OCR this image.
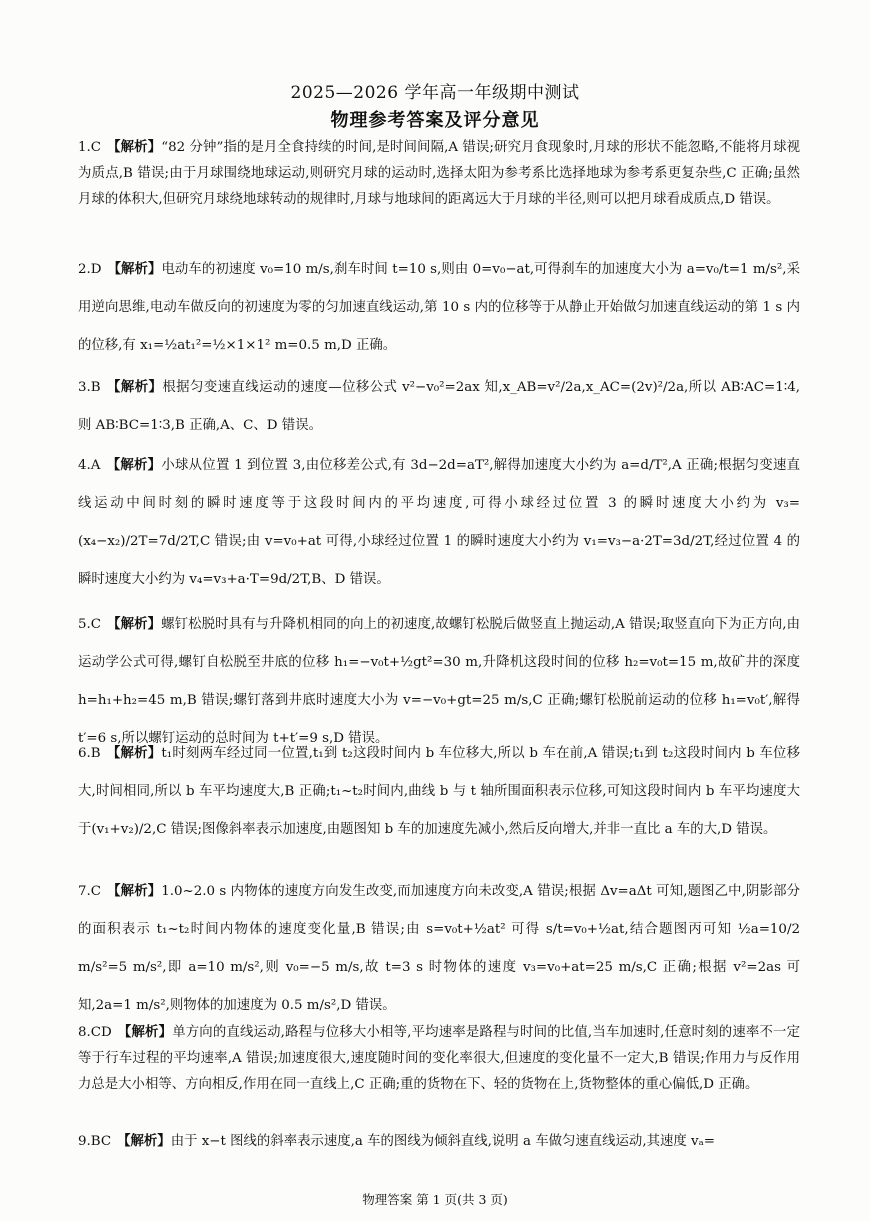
2025—2026 学年高一年级期中测试
物理参考答案及评分意见

1.C 【解析】“82 分钟”指的是月全食持续的时间,是时间间隔,A 错误;研究月食现象时,月球的形状不能忽略,不能将月球视为质点,B 错误;由于月球围绕地球运动,则研究月球的运动时,选择太阳为参考系比选择地球为参考系更复杂些,C 正确;虽然月球的体积大,但研究月球绕地球转动的规律时,月球与地球间的距离远大于月球的半径,则可以把月球看成质点,D 错误。

2.D 【解析】电动车的初速度 v₀=10 m/s,刹车时间 t=10 s,则由 0=v₀−at,可得刹车的加速度大小为 a=v₀/t=1 m/s²,采用逆向思维,电动车做反向的初速度为零的匀加速直线运动,第 10 s 内的位移等于从静止开始做匀加速直线运动的第 1 s 内的位移,有 x₁=½at₁²=½×1×1² m=0.5 m,D 正确。

3.B 【解析】根据匀变速直线运动的速度—位移公式 v²−v₀²=2ax 知,x_AB=v²/2a,x_AC=(2v)²/2a,所以 AB∶AC=1∶4,则 AB∶BC=1∶3,B 正确,A、C、D 错误。

4.A 【解析】小球从位置 1 到位置 3,由位移差公式,有 3d−2d=aT²,解得加速度大小约为 a=d/T²,A 正确;根据匀变速直线运动中间时刻的瞬时速度等于这段时间内的平均速度,可得小球经过位置 3 的瞬时速度大小约为 v₃=(x₄−x₂)/2T=7d/2T,C 错误;由 v=v₀+at 可得,小球经过位置 1 的瞬时速度大小约为 v₁=v₃−a·2T=3d/2T,经过位置 4 的瞬时速度大小约为 v₄=v₃+a·T=9d/2T,B、D 错误。

5.C 【解析】螺钉松脱时具有与升降机相同的向上的初速度,故螺钉松脱后做竖直上抛运动,A 错误;取竖直向下为正方向,由运动学公式可得,螺钉自松脱至井底的位移 h₁=−v₀t+½gt²=30 m,升降机这段时间的位移 h₂=v₀t=15 m,故矿井的深度 h=h₁+h₂=45 m,B 错误;螺钉落到井底时速度大小为 v=−v₀+gt=25 m/s,C 正确;螺钉松脱前运动的位移 h₁=v₀t′,解得 t′=6 s,所以螺钉运动的总时间为 t+t′=9 s,D 错误。

6.B 【解析】t₁时刻两车经过同一位置,t₁到 t₂这段时间内 b 车位移大,所以 b 车在前,A 错误;t₁到 t₂这段时间内 b 车位移大,时间相同,所以 b 车平均速度大,B 正确;t₁~t₂时间内,曲线 b 与 t 轴所围面积表示位移,可知这段时间内 b 车平均速度大于(v₁+v₂)/2,C 错误;图像斜率表示加速度,由题图知 b 车的加速度先减小,然后反向增大,并非一直比 a 车的大,D 错误。

7.C 【解析】1.0~2.0 s 内物体的速度方向发生改变,而加速度方向未改变,A 错误;根据 Δv=aΔt 可知,题图乙中,阴影部分的面积表示 t₁~t₂时间内物体的速度变化量,B 错误;由 s=v₀t+½at² 可得 s/t=v₀+½at,结合题图丙可知 ½a=10/2 m/s²=5 m/s²,即 a=10 m/s²,则 v₀=−5 m/s,故 t=3 s 时物体的速度 v₃=v₀+at=25 m/s,C 正确;根据 v²=2as 可知,2a=1 m/s²,则物体的加速度为 0.5 m/s²,D 错误。

8.CD 【解析】单方向的直线运动,路程与位移大小相等,平均速率是路程与时间的比值,当车加速时,任意时刻的速率不一定等于行车过程的平均速率,A 错误;加速度很大,速度随时间的变化率很大,但速度的变化量不一定大,B 错误;作用力与反作用力总是大小相等、方向相反,作用在同一直线上,C 正确;重的货物在下、轻的货物在上,货物整体的重心偏低,D 正确。

9.BC 【解析】由于 x−t 图线的斜率表示速度,a 车的图线为倾斜直线,说明 a 车做匀速直线运动,其速度 vₐ=

物理答案 第 1 页(共 3 页)
